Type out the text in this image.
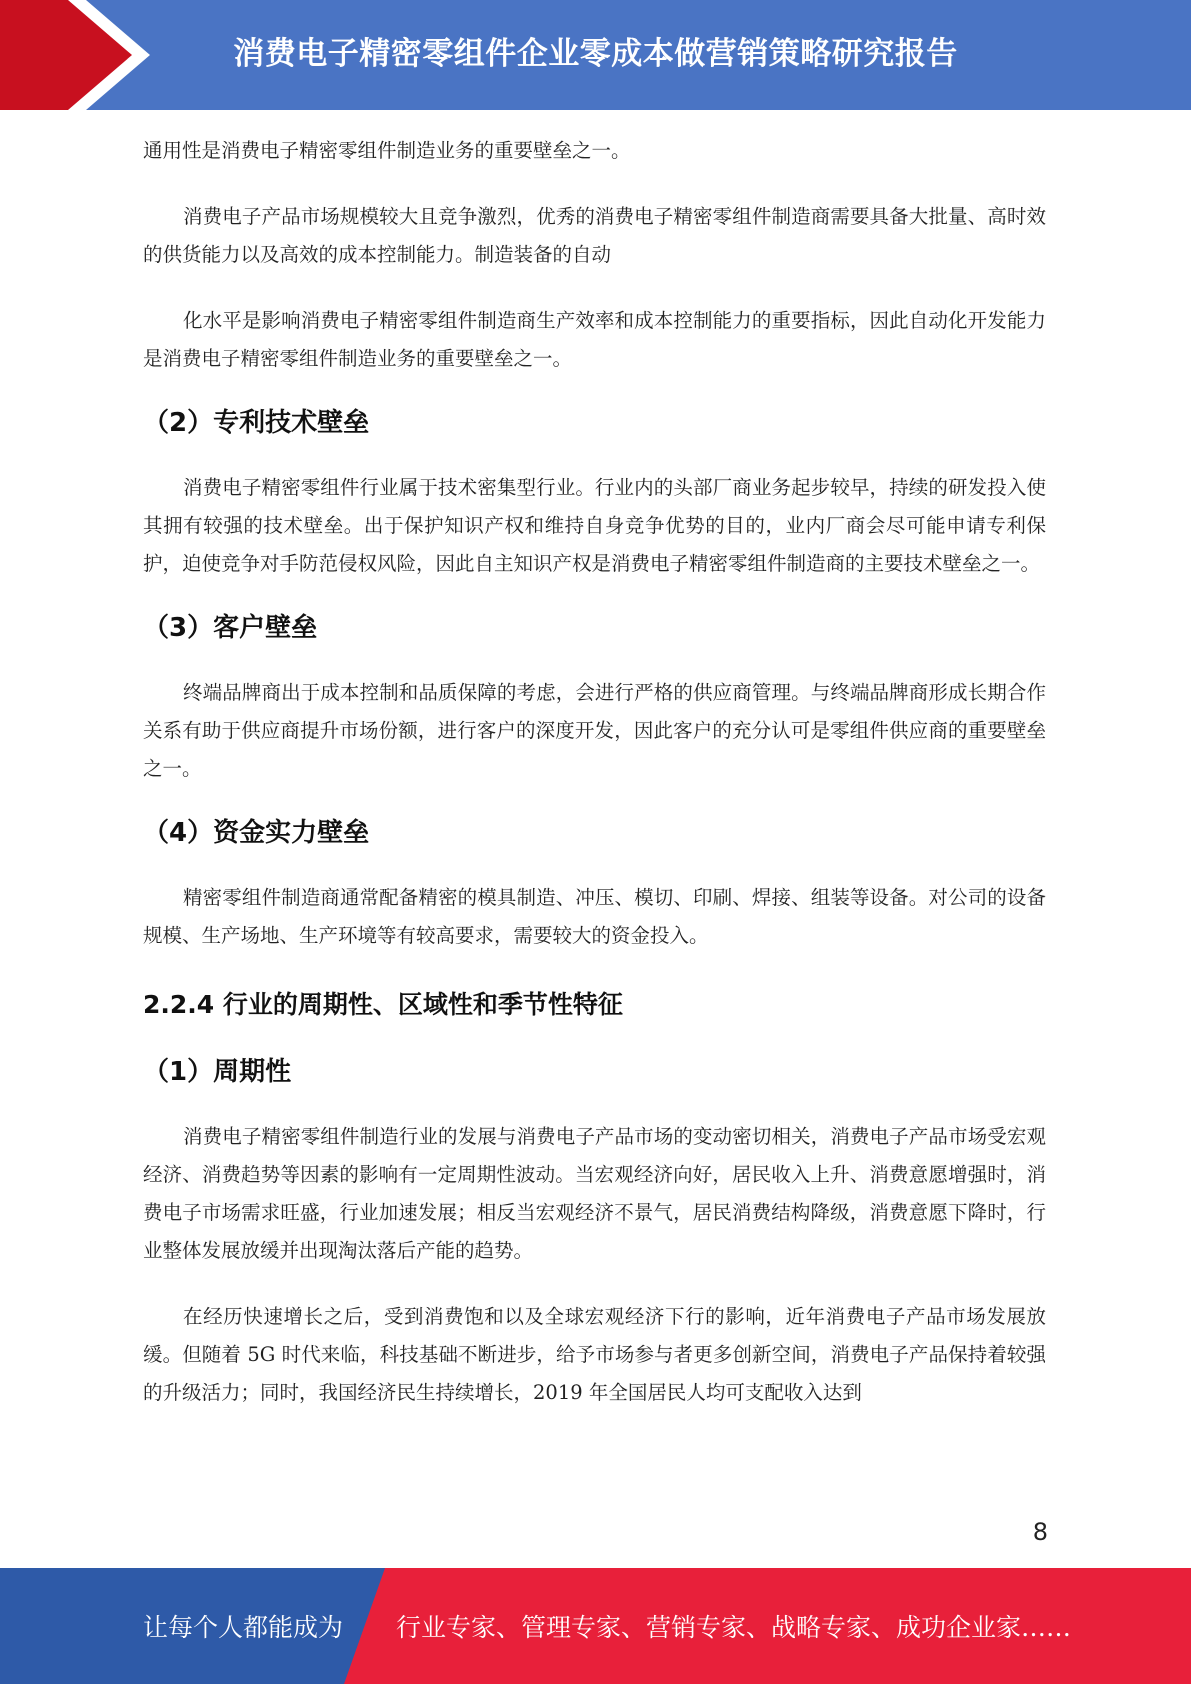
消费电子精密零组件企业零成本做营销策略研究报告

通用性是消费电子精密零组件制造业务的重要壁垒之一。

消费电子产品市场规模较大且竞争激烈，优秀的消费电子精密零组件制造商需要具备大批量、高时效的供货能力以及高效的成本控制能力。制造装备的自动

化水平是影响消费电子精密零组件制造商生产效率和成本控制能力的重要指标，因此自动化开发能力是消费电子精密零组件制造业务的重要壁垒之一。

（2）专利技术壁垒

消费电子精密零组件行业属于技术密集型行业。行业内的头部厂商业务起步较早，持续的研发投入使其拥有较强的技术壁垒。出于保护知识产权和维持自身竞争优势的目的，业内厂商会尽可能申请专利保护，迫使竞争对手防范侵权风险，因此自主知识产权是消费电子精密零组件制造商的主要技术壁垒之一。

（3）客户壁垒

终端品牌商出于成本控制和品质保障的考虑，会进行严格的供应商管理。与终端品牌商形成长期合作关系有助于供应商提升市场份额，进行客户的深度开发，因此客户的充分认可是零组件供应商的重要壁垒之一。

（4）资金实力壁垒

精密零组件制造商通常配备精密的模具制造、冲压、模切、印刷、焊接、组装等设备。对公司的设备规模、生产场地、生产环境等有较高要求，需要较大的资金投入。

2.2.4 行业的周期性、区域性和季节性特征
（1）周期性

消费电子精密零组件制造行业的发展与消费电子产品市场的变动密切相关，消费电子产品市场受宏观经济、消费趋势等因素的影响有一定周期性波动。当宏观经济向好，居民收入上升、消费意愿增强时，消费电子市场需求旺盛，行业加速发展；相反当宏观经济不景气，居民消费结构降级，消费意愿下降时，行业整体发展放缓并出现淘汰落后产能的趋势。

在经历快速增长之后，受到消费饱和以及全球宏观经济下行的影响，近年消费电子产品市场发展放缓。但随着 5G 时代来临，科技基础不断进步，给予市场参与者更多创新空间，消费电子产品保持着较强的升级活力；同时，我国经济民生持续增长，2019 年全国居民人均可支配收入达到

8
让每个人都能成为 行业专家、管理专家、营销专家、战略专家、成功企业家……
